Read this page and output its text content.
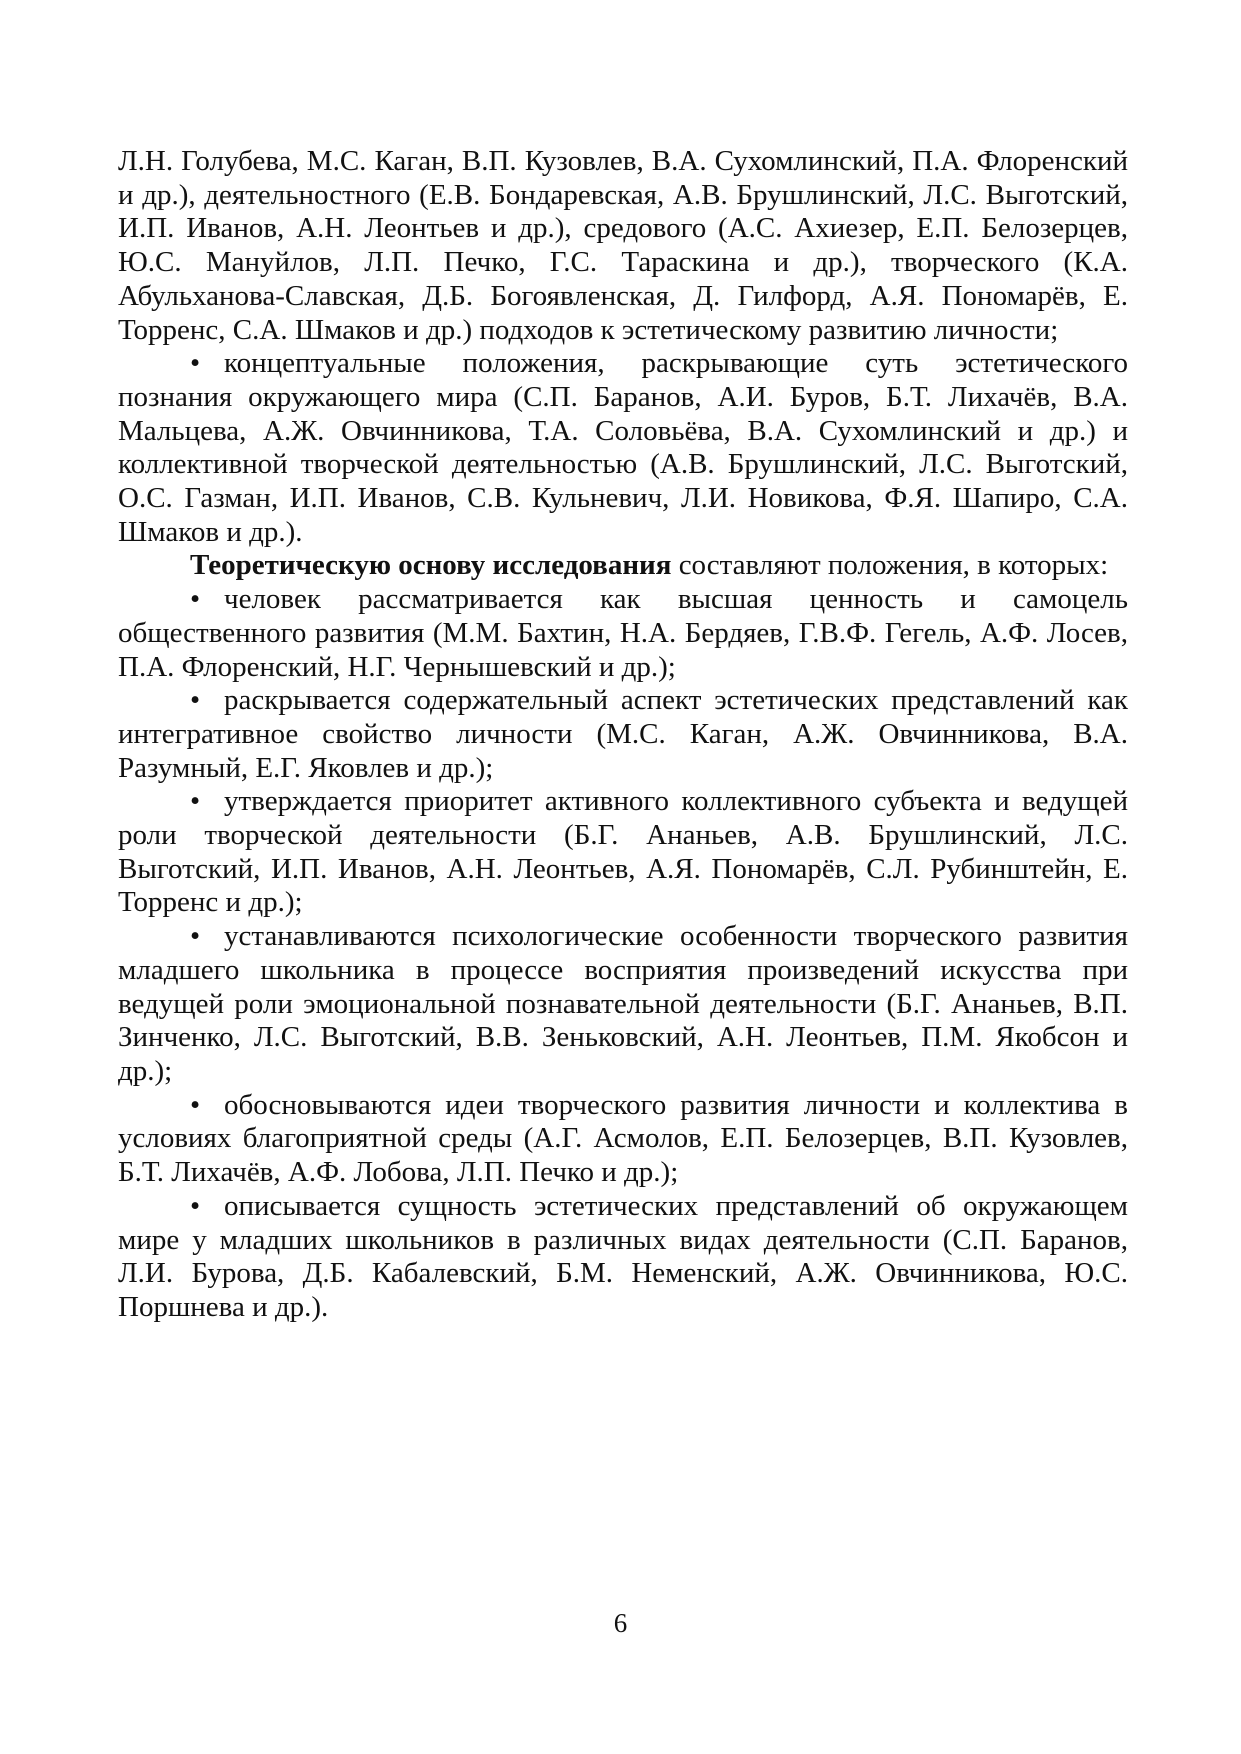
Л.Н. Голубева, М.С. Каган, В.П. Кузовлев, В.А. Сухомлинский, П.А. Флоренский и др.), деятельностного (Е.В. Бондаревская, А.В. Брушлинский, Л.С. Выготский, И.П. Иванов, А.Н. Леонтьев и др.), средового (А.С. Ахиезер, Е.П. Белозерцев, Ю.С. Мануйлов, Л.П. Печко, Г.С. Тараскина и др.), творческого (К.А. Абульханова-Славская, Д.Б. Богоявленская, Д. Гилфорд, А.Я. Пономарёв, Е. Торренс, С.А. Шмаков и др.) подходов к эстетическому развитию личности;

• концептуальные положения, раскрывающие суть эстетического познания окружающего мира (С.П. Баранов, А.И. Буров, Б.Т. Лихачёв, В.А. Мальцева, А.Ж. Овчинникова, Т.А. Соловьёва, В.А. Сухомлинский и др.) и коллективной творческой деятельностью (А.В. Брушлинский, Л.С. Выготский, О.С. Газман, И.П. Иванов, С.В. Кульневич, Л.И. Новикова, Ф.Я. Шапиро, С.А. Шмаков и др.).

Теоретическую основу исследования составляют положения, в которых:

• человек рассматривается как высшая ценность и самоцель общественного развития (М.М. Бахтин, Н.А. Бердяев, Г.В.Ф. Гегель, А.Ф. Лосев, П.А. Флоренский, Н.Г. Чернышевский и др.);

• раскрывается содержательный аспект эстетических представлений как интегративное свойство личности (М.С. Каган, А.Ж. Овчинникова, В.А. Разумный, Е.Г. Яковлев и др.);

• утверждается приоритет активного коллективного субъекта и ведущей роли творческой деятельности (Б.Г. Ананьев, А.В. Брушлинский, Л.С. Выготский, И.П. Иванов, А.Н. Леонтьев, А.Я. Пономарёв, С.Л. Рубинштейн, Е. Торренс и др.);

• устанавливаются психологические особенности творческого развития младшего школьника в процессе восприятия произведений искусства при ведущей роли эмоциональной познавательной деятельности (Б.Г. Ананьев, В.П. Зинченко, Л.С. Выготский, В.В. Зеньковский, А.Н. Леонтьев, П.М. Якобсон и др.);

• обосновываются идеи творческого развития личности и коллектива в условиях благоприятной среды (А.Г. Асмолов, Е.П. Белозерцев, В.П. Кузовлев, Б.Т. Лихачёв, А.Ф. Лобова, Л.П. Печко и др.);

• описывается сущность эстетических представлений об окружающем мире у младших школьников в различных видах деятельности (С.П. Баранов, Л.И. Бурова, Д.Б. Кабалевский, Б.М. Неменский, А.Ж. Овчинникова, Ю.С. Поршнева и др.).

6
